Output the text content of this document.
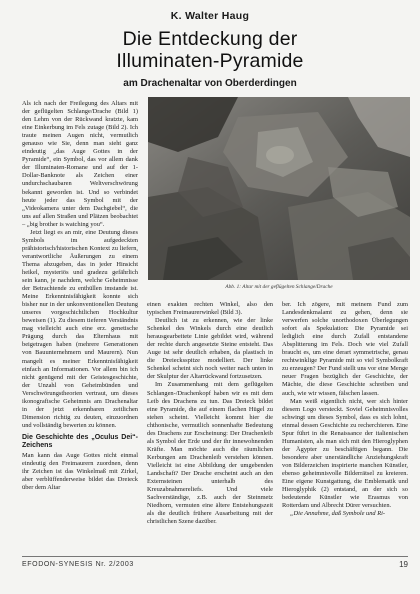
K. Walter Haug
Die Entdeckung der
Illuminaten-Pyramide
am Drachenaltar von Oberderdingen

Als ich nach der Freilegung des Altars mit der geflügelten Schlange/Drache (Bild 1) den Lehm von der Rückwand kratzte, kam eine Einkerbung im Fels zutage (Bild 2). Ich traute meinen Augen nicht, vermutlich genauso wie Sie, denn man sieht ganz eindeutig „das Auge Gottes in der Pyramide“, ein Symbol, das vor allem dank der Illuminaten-Romane und auf der 1-Dollar-Banknote als Zeichen einer undurchschaubaren Weltverschwörung bekannt geworden ist. Und so verbindet heute jeder das Symbol mit der „Videokamera unter dem Dachgiebel“, die uns auf allen Straßen und Plätzen beobachtet – „big brother is watching you“.

Jetzt liegt es an mir, eine Deutung dieses Symbols im aufgedeckten prähistorisch/historischen Kontext zu liefern, verantwortliche Äußerungen zu einem Thema abzugeben, das in jeder Hinsicht heikel, mysteriös und gradezu gefährlich sein kann, je nachdem, welche Geheimnisse der Betrachtende zu enthüllen imstande ist. Meine Erkenntnisfähigkeit konnte sich bisher nur in der unkonventionellen Deutung unseres vorgeschichtlichen Hochkultur beweisen (1). Zu diesem tieferen Verständnis mag vielleicht auch eine erz. genetische Prägung durch das Elternhaus mit beigetragen haben (mehrere Generationen von Bauunternehmern und Maurern). Nun mangelt es meiner Erkenntnisfähigkeit einfach an Informationen. Vor allem bin ich nicht genügend mit der Geistesgeschichte, der Unzahl von Geheimbünden und Verschwörungstheorien vertraut, um dieses ikonografische Geheimnis am Drachenaltar in der jetzt erkennbaren zeitlichen Dimension richtig zu deuten, einzuordnen und vollständig bewerten zu können.

Die Geschichte des „Oculus Dei“-Zeichens

Man kann das Auge Gottes nicht einmal eindeutig den Freimaurern zuordnen, denn ihr Zeichen ist das Winkelmaß mit Zirkel, aber verblüffenderweise bildet das Dreieck über dem Altar

Abb. 1: Altar mit der geflügelten Schlange/Drache

einen exakten rechten Winkel, also den typischen Freimaurerwinkel (Bild 3).

Deutlich ist zu erkennen, wie der linke Schenkel des Winkels durch eine deutlich herausgearbeitete Linie gebildet wird, während der rechte durch angesetzte Steine entsteht. Das Auge ist sehr deutlich erhaben, da plastisch in die Dreiecksspitze modelliert. Der linke Schenkel scheint sich noch weiter nach unten in der Skulptur der Altarrückwand fortzusetzen.

Im Zusammenhang mit dem geflügelten Schlangen-/Drachenkopf haben wir es mit dem Leib des Drachens zu tun. Das Dreieck bildet eine Pyramide, die auf einem flachen Hügel zu stehen scheint. Vielleicht kommt hier die chthonische, vermutlich sonnenhafte Bedeutung des Drachens zur Erscheinung: Der Drachenleib als Symbol der Erde und der ihr innewohnenden Kräfte. Man möchte auch die räumlichen Kerbungen am Drachenleib verstehen können. Vielleicht ist eine Abbildung der umgebenden Landschaft? Der Drache erscheint auch an den Externsteinen unterhalb des Kreuzabnahmereliefs. Und viele Sachverständige, z.B. auch der Steinmetz Niedhorn, vermuten eine ältere Entstehungszeit als die deutlich frühere Ausarbeitung mit der christlichen Szene dazüber.

ber. Ich zögere, mit meinem Fund zum Landesdenkmalamt zu gehen, denn sie verwerfen solche unorthodoxen Überlegungen sofort als Spekulation: Die Pyramide sei lediglich eine durch Zufall entstandene Absplitterung im Fels. Doch wie viel Zufall braucht es, um eine derart symmetrische, genau rechtwinklige Pyramide mit so viel Symbolkraft zu erzeugen? Der Fund stellt uns vor eine Menge neuer Fragen bezüglich der Geschichte, der Mächte, die diese Geschichte schreiben und auch, wie wir wissen, fälschen lassen.

Man weiß eigentlich nicht, wer sich hinter diesem Logo versteckt. Soviel Geheimnisvolles schwingt um dieses Symbol, dass es sich lohnt, einmal dessen Geschichte zu recherchieren. Eine Spur führt in die Renaissance der italienischen Humanisten, als man sich mit den Hieroglyphen der Ägypter zu beschäftigen begann. Die besondere aber unerständliche Anziehungskraft von Bilderzeichen inspirierte manchen Künstler, ebenso geheimnisvolle Bilderrätsel zu kreieren. Eine eigene Kunstgattung, die Emblematik und Hieroglyphik (2) entstand, an der sich so bedeutende Künstler wie Erasmus von Rotterdam und Albrecht Dürer versuchten.

„Die Annahme, daß Symbole und Ri-

EFODON-SYNESIS Nr. 2/2003	19
